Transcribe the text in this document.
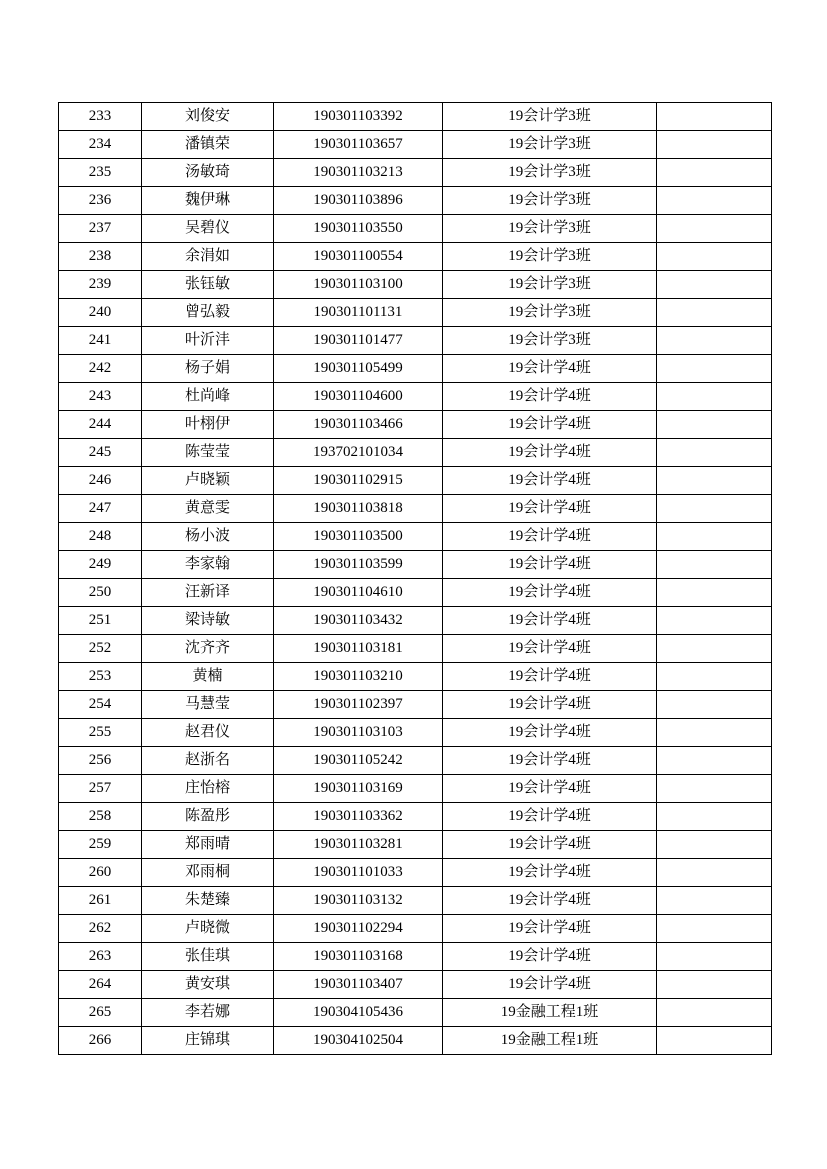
233	刘俊安	190301103392	19会计学3班	
234	潘镇荣	190301103657	19会计学3班	
235	汤敏琦	190301103213	19会计学3班	
236	魏伊琳	190301103896	19会计学3班	
237	吴碧仪	190301103550	19会计学3班	
238	余涓如	190301100554	19会计学3班	
239	张钰敏	190301103100	19会计学3班	
240	曾弘毅	190301101131	19会计学3班	
241	叶沂沣	190301101477	19会计学3班	
242	杨子娟	190301105499	19会计学4班	
243	杜尚峰	190301104600	19会计学4班	
244	叶栩伊	190301103466	19会计学4班	
245	陈莹莹	193702101034	19会计学4班	
246	卢晓颖	190301102915	19会计学4班	
247	黄意雯	190301103818	19会计学4班	
248	杨小波	190301103500	19会计学4班	
249	李家翰	190301103599	19会计学4班	
250	汪新译	190301104610	19会计学4班	
251	梁诗敏	190301103432	19会计学4班	
252	沈齐齐	190301103181	19会计学4班	
253	黄楠	190301103210	19会计学4班	
254	马慧莹	190301102397	19会计学4班	
255	赵君仪	190301103103	19会计学4班	
256	赵浙名	190301105242	19会计学4班	
257	庄怡榕	190301103169	19会计学4班	
258	陈盈彤	190301103362	19会计学4班	
259	郑雨晴	190301103281	19会计学4班	
260	邓雨桐	190301101033	19会计学4班	
261	朱楚臻	190301103132	19会计学4班	
262	卢晓微	190301102294	19会计学4班	
263	张佳琪	190301103168	19会计学4班	
264	黄安琪	190301103407	19会计学4班	
265	李若娜	190304105436	19金融工程1班	
266	庄锦琪	190304102504	19金融工程1班	
